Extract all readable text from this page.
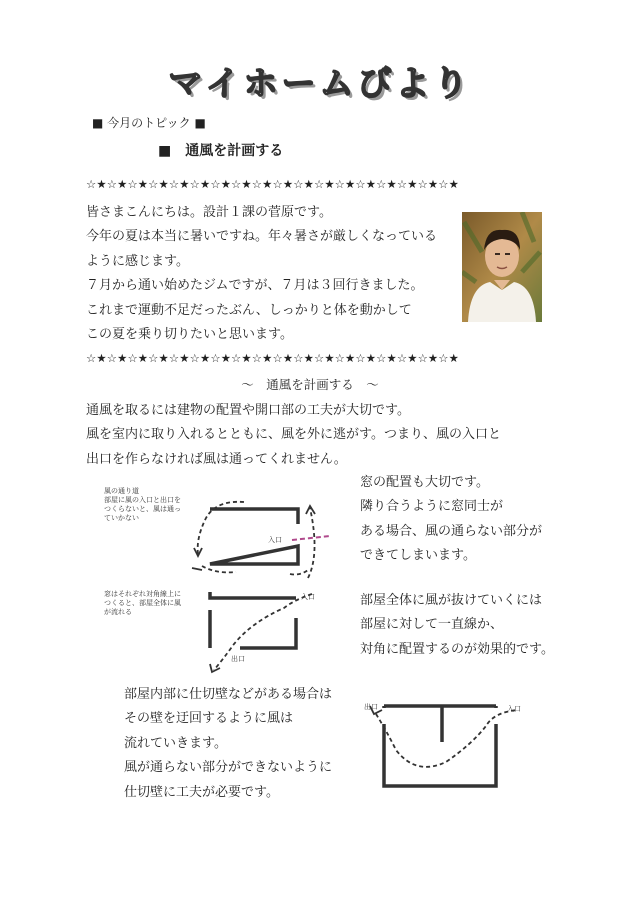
マイホームびより
■ 今月のトピック ■
■　通風を計画する
☆★☆★☆★☆★☆★☆★☆★☆★☆★☆★☆★☆★☆★☆★☆★☆★☆★☆★
皆さまこんにちは。設計１課の菅原です。
今年の夏は本当に暑いですね。年々暑さが厳しくなっている
ように感じます。
７月から通い始めたジムですが、７月は３回行きました。
これまで運動不足だったぶん、しっかりと体を動かして
この夏を乗り切りたいと思います。
☆★☆★☆★☆★☆★☆★☆★☆★☆★☆★☆★☆★☆★☆★☆★☆★☆★☆★
～　通風を計画する　～
通風を取るには建物の配置や開口部の工夫が大切です。
風を室内に取り入れるとともに、風を外に逃がす。つまり、風の入口と
出口を作らなければ風は通ってくれません。
窓の配置も大切です。
隣り合うように窓同士が
ある場合、風の通らない部分が
できてしまいます。
部屋全体に風が抜けていくには
部屋に対して一直線か、
対角に配置するのが効果的です。
部屋内部に仕切壁などがある場合は
その壁を迂回するように風は
流れていきます。
風が通らない部分ができないように
仕切壁に工夫が必要です。
風の通り道
部屋に風の入口と出口を
つくらないと、風は通っ
ていかない
窓はそれぞれ対角線上に
つくると、部屋全体に風
が流れる
入口
入口
出口
出口	入口
